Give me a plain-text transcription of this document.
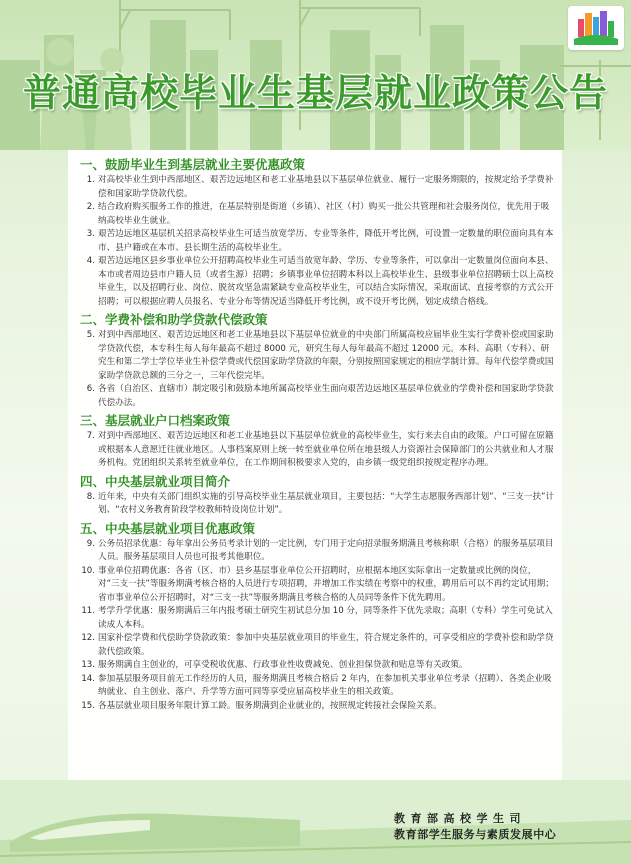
普通高校毕业生基层就业政策公告
一、鼓励毕业生到基层就业主要优惠政策
1. 对高校毕业生到中西部地区、艰苦边远地区和老工业基地县以下基层单位就业、履行一定服务期限的，按规定给予学费补偿和国家助学贷款代偿。
2. 结合政府购买服务工作的推进，在基层特别是街道（乡镇）、社区（村）购买一批公共管理和社会服务岗位，优先用于吸纳高校毕业生就业。
3. 艰苦边远地区基层机关招录高校毕业生可适当放宽学历、专业等条件，降低开考比例，可设置一定数量的职位面向具有本市、县户籍或在本市、县长期生活的高校毕业生。
4. 艰苦边远地区县乡事业单位公开招聘高校毕业生可适当放宽年龄、学历、专业等条件，可以拿出一定数量岗位面向本县、本市或者周边县市户籍人员（或者生源）招聘；乡镇事业单位招聘本科以上高校毕业生、县级事业单位招聘硕士以上高校毕业生，以及招聘行业、岗位、脱贫攻坚急需紧缺专业高校毕业生，可以结合实际情况，采取面试、直接考察的方式公开招聘；可以根据应聘人员报名、专业分布等情况适当降低开考比例，或不设开考比例，划定成绩合格线。
二、学费补偿和助学贷款代偿政策
5. 对到中西部地区、艰苦边远地区和老工业基地县以下基层单位就业的中央部门所属高校应届毕业生实行学费补偿或国家助学贷款代偿，本专科生每人每年最高不超过 8000 元，研究生每人每年最高不超过 12000 元。本科、高职（专科）、研究生和第二学士学位毕业生补偿学费或代偿国家助学贷款的年限，分别按照国家规定的相应学制计算。每年代偿学费或国家助学贷款总额的三分之一，三年代偿完毕。
6. 各省（自治区、直辖市）制定吸引和鼓励本地所属高校毕业生面向艰苦边远地区基层单位就业的学费补偿和国家助学贷款代偿办法。
三、基层就业户口档案政策
7. 对到中西部地区、艰苦边远地区和老工业基地县以下基层单位就业的高校毕业生，实行来去自由的政策。户口可留在原籍或根据本人意愿迁往就业地区。人事档案原则上统一转至就业单位所在地县级人力资源社会保障部门的公共就业和人才服务机构。党团组织关系转至就业单位，在工作期间积极要求入党的，由乡镇一级党组织按规定程序办理。
四、中央基层就业项目简介
8. 近年来，中央有关部门组织实施的引导高校毕业生基层就业项目，主要包括：“大学生志愿服务西部计划”、“三支一扶”计划、“农村义务教育阶段学校教师特设岗位计划”。
五、中央基层就业项目优惠政策
9. 公务员招录优惠：每年拿出公务员考录计划的一定比例，专门用于定向招录服务期满且考核称职（合格）的服务基层项目人员。服务基层项目人员也可报考其他职位。
10. 事业单位招聘优惠：各省（区、市）县乡基层事业单位公开招聘时，应根据本地区实际拿出一定数量或比例的岗位，对“三支一扶”等服务期满考核合格的人员进行专项招聘，并增加工作实绩在考察中的权重，聘用后可以不再约定试用期；省市事业单位公开招聘时，对“三支一扶”等服务期满且考核合格的人员同等条件下优先聘用。
11. 考学升学优惠：服务期满后三年内报考硕士研究生初试总分加 10 分，同等条件下优先录取；高职（专科）学生可免试入读成人本科。
12. 国家补偿学费和代偿助学贷款政策：参加中央基层就业项目的毕业生，符合规定条件的，可享受相应的学费补偿和助学贷款代偿政策。
13. 服务期满自主创业的，可享受税收优惠、行政事业性收费减免、创业担保贷款和贴息等有关政策。
14. 参加基层服务项目前无工作经历的人员，服务期满且考核合格后 2 年内，在参加机关事业单位考录（招聘）、各类企业吸纳就业、自主创业、落户、升学等方面可同等享受应届高校毕业生的相关政策。
15. 各基层就业项目服务年限计算工龄。服务期满到企业就业的，按照规定转接社会保险关系。
教育部高校学生司
教育部学生服务与素质发展中心
